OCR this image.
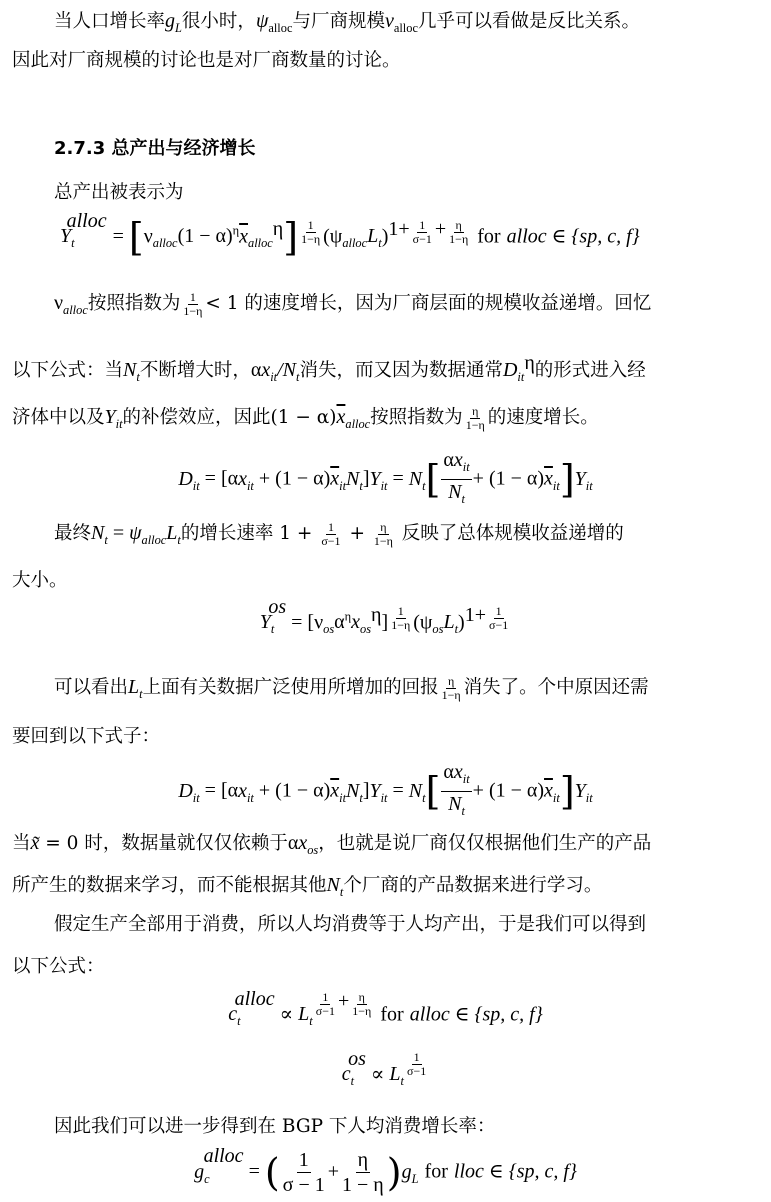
当人口增长率$g_L$很小时，$\psi_{alloc}$与厂商规模$\nu_{alloc}$几乎可以看做是反比关系。
因此对厂商规模的讨论也是对厂商数量的讨论。
2.7.3 总产出与经济增长
总产出被表示为
$Y_t^{alloc} = [\nu_{alloc}(1 - \alpha)^\eta\overline{x}_{alloc}^\eta]$ $^{\frac{1}{1-\eta}}$ $(\psi_{alloc}L_t)^{1+ \frac{1}{\sigma-1} + \frac{\eta}{1-\eta}}$ for alloc ∈ {sp, c, f}
$\nu_{alloc}$按照指数为 $\frac{1}{1-\eta} < 1$ 的速度增长，因为厂商层面的规模收益递增。回忆
以下公式：当$N_t$不断增大时，$\alpha x_{it}/N_t$消失，而又因为数据通常$D_{it}^\eta$的形式进入经
济体中以及$Y_{it}$的补偿效应，因此$(1 - \alpha)\overline{x}_{alloc}$按照指数为 $\frac{\eta}{1-\eta}$ 的速度增长。
$D_{it} = [\alpha x_{it} + (1 - \alpha)\overline{x}_{it}N_t]Y_{it} = N_t[ \frac{\alpha x_{it}}{N_t} + (1 - \alpha)\overline{x}_{it}]Y_{it}$
最终$N_t = \psi_{alloc}L_t$的增长速率 $1 + \frac{1}{\sigma-1} + \frac{\eta}{1-\eta}$ 反映了总体规模收益递增的
大小。
$Y_t^{os} = [\nu_{os}\alpha^\eta x_{os}^\eta]$ $^{\frac{1}{1-\eta}}$ $(\psi_{os}L_t)^{1+ \frac{1}{\sigma-1}}$
可以看出$L_t$上面有关数据广泛使用所增加的回报 $\frac{\eta}{1-\eta}$ 消失了。个中原因还需
要回到以下式子：
$D_{it} = [\alpha x_{it} + (1 - \alpha)\overline{x}_{it}N_t]Y_{it} = N_t[ \frac{\alpha x_{it}}{N_t} + (1 - \alpha)\overline{x}_{it}]Y_{it}$
当x̃ = 0 时，数据量就仅仅依赖于$\alpha x_{os}$，也就是说厂商仅仅根据他们生产的产品
所产生的数据来学习，而不能根据其他$N_t$个厂商的产品数据来进行学习。
假定生产全部用于消费，所以人均消费等于人均产出，于是我们可以得到
以下公式：
$c_t^{alloc} \propto L_t$
$^{\frac{1}{\sigma-1} + \frac{\eta}{1-\eta}}$ for alloc ∈ {sp, c, f}
$c_t^{os} \propto L_t$
$^{\frac{1}{\sigma-1}}$
因此我们可以进一步得到在 BGP 下人均消费增长率：
$g_c^{alloc}$ = ( $\frac{1}{\sigma - 1} + \frac{\eta}{1 - \eta} )g_L$ for lloc ∈ {sp, c, f}
